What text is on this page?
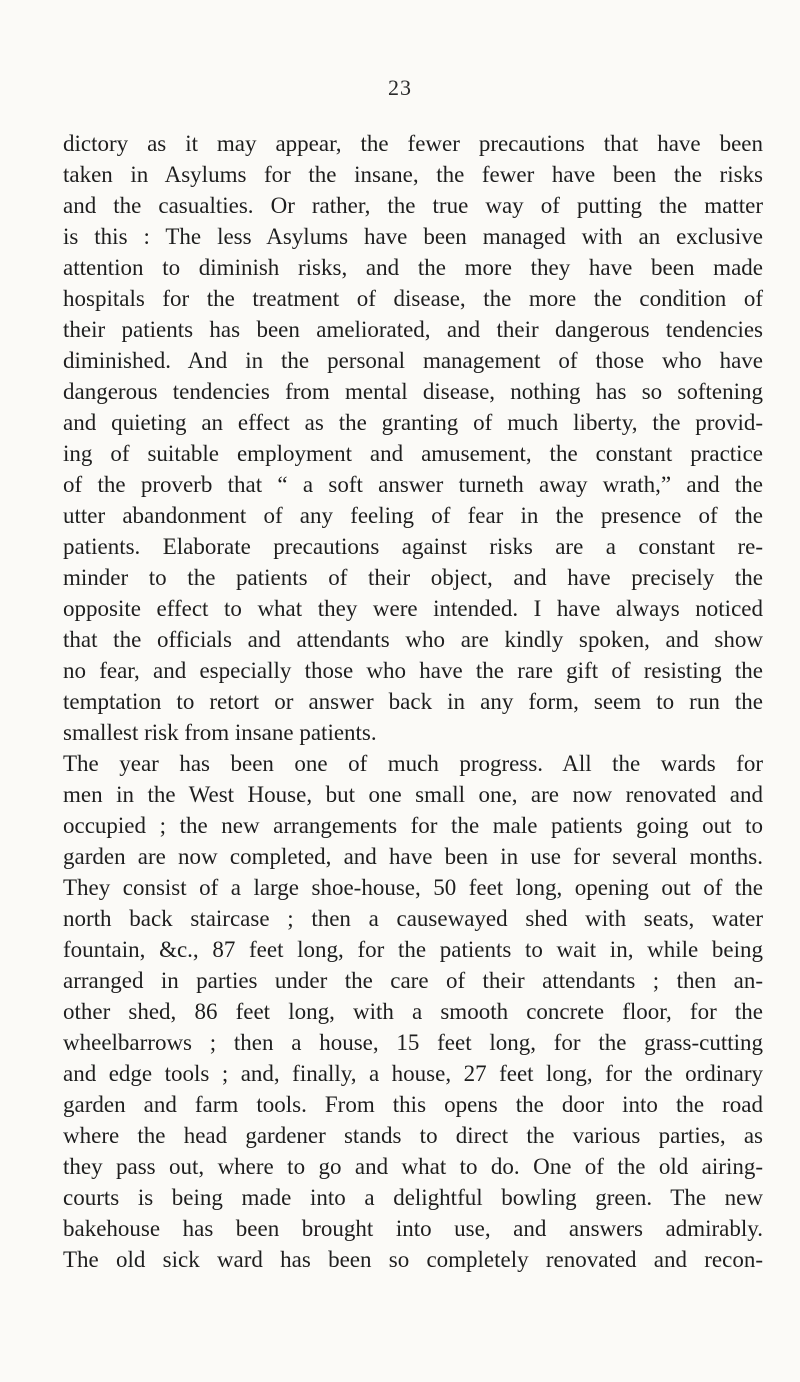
23
dictory as it may appear, the fewer precautions that have been
taken in Asylums for the insane, the fewer have been the risks
and the casualties. Or rather, the true way of putting the matter
is this : The less Asylums have been managed with an exclusive
attention to diminish risks, and the more they have been made
hospitals for the treatment of disease, the more the condition of
their patients has been ameliorated, and their dangerous tendencies
diminished. And in the personal management of those who have
dangerous tendencies from mental disease, nothing has so softening
and quieting an effect as the granting of much liberty, the provid-
ing of suitable employment and amusement, the constant practice
of the proverb that “ a soft answer turneth away wrath,” and the
utter abandonment of any feeling of fear in the presence of the
patients. Elaborate precautions against risks are a constant re-
minder to the patients of their object, and have precisely the
opposite effect to what they were intended. I have always noticed
that the officials and attendants who are kindly spoken, and show
no fear, and especially those who have the rare gift of resisting the
temptation to retort or answer back in any form, seem to run the
smallest risk from insane patients.
The year has been one of much progress. All the wards for
men in the West House, but one small one, are now renovated and
occupied ; the new arrangements for the male patients going out to
garden are now completed, and have been in use for several months.
They consist of a large shoe-house, 50 feet long, opening out of the
north back staircase ; then a causewayed shed with seats, water
fountain, &c., 87 feet long, for the patients to wait in, while being
arranged in parties under the care of their attendants ; then an-
other shed, 86 feet long, with a smooth concrete floor, for the
wheelbarrows ; then a house, 15 feet long, for the grass-cutting
and edge tools ; and, finally, a house, 27 feet long, for the ordinary
garden and farm tools. From this opens the door into the road
where the head gardener stands to direct the various parties, as
they pass out, where to go and what to do. One of the old airing-
courts is being made into a delightful bowling green. The new
bakehouse has been brought into use, and answers admirably.
The old sick ward has been so completely renovated and recon-
